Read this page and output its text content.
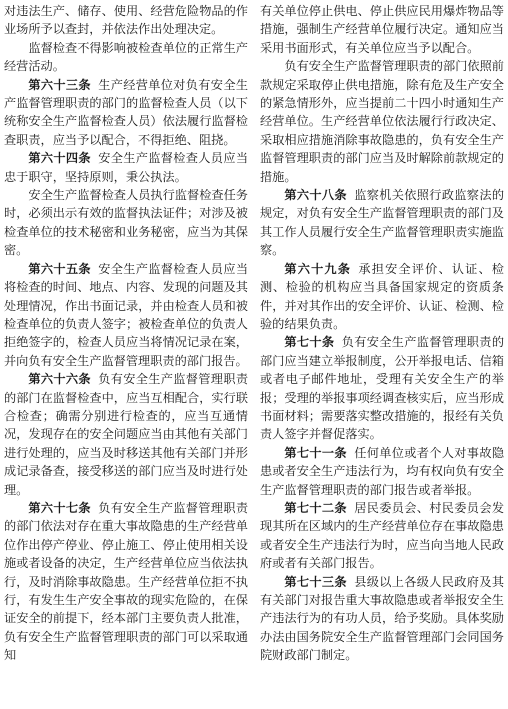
对违法生产、储存、使用、经营危险物品的作业场所予以查封，并依法作出处理决定。

监督检查不得影响被检查单位的正常生产经营活动。

第六十三条 生产经营单位对负有安全生产监督管理职责的部门的监督检查人员（以下统称安全生产监督检查人员）依法履行监督检查职责，应当予以配合，不得拒绝、阻挠。

第六十四条 安全生产监督检查人员应当忠于职守，坚持原则，秉公执法。

安全生产监督检查人员执行监督检查任务时，必须出示有效的监督执法证件；对涉及被检查单位的技术秘密和业务秘密，应当为其保密。

第六十五条 安全生产监督检查人员应当将检查的时间、地点、内容、发现的问题及其处理情况，作出书面记录，并由检查人员和被检查单位的负责人签字；被检查单位的负责人拒绝签字的，检查人员应当将情况记录在案，并向负有安全生产监督管理职责的部门报告。

第六十六条 负有安全生产监督管理职责的部门在监督检查中，应当互相配合，实行联合检查；确需分别进行检查的，应当互通情况，发现存在的安全问题应当由其他有关部门进行处理的，应当及时移送其他有关部门并形成记录备查，接受移送的部门应当及时进行处理。

第六十七条 负有安全生产监督管理职责的部门依法对存在重大事故隐患的生产经营单位作出停产停业、停止施工、停止使用相关设施或者设备的决定，生产经营单位应当依法执行，及时消除事故隐患。生产经营单位拒不执行，有发生生产安全事故的现实危险的，在保证安全的前提下，经本部门主要负责人批准，负有安全生产监督管理职责的部门可以采取通知

有关单位停止供电、停止供应民用爆炸物品等措施，强制生产经营单位履行决定。通知应当采用书面形式，有关单位应当予以配合。

负有安全生产监督管理职责的部门依照前款规定采取停止供电措施，除有危及生产安全的紧急情形外，应当提前二十四小时通知生产经营单位。生产经营单位依法履行行政决定、采取相应措施消除事故隐患的，负有安全生产监督管理职责的部门应当及时解除前款规定的措施。

第六十八条 监察机关依照行政监察法的规定，对负有安全生产监督管理职责的部门及其工作人员履行安全生产监督管理职责实施监察。

第六十九条 承担安全评价、认证、检测、检验的机构应当具备国家规定的资质条件，并对其作出的安全评价、认证、检测、检验的结果负责。

第七十条 负有安全生产监督管理职责的部门应当建立举报制度，公开举报电话、信箱或者电子邮件地址，受理有关安全生产的举报；受理的举报事项经调查核实后，应当形成书面材料；需要落实整改措施的，报经有关负责人签字并督促落实。

第七十一条 任何单位或者个人对事故隐患或者安全生产违法行为，均有权向负有安全生产监督管理职责的部门报告或者举报。

第七十二条 居民委员会、村民委员会发现其所在区域内的生产经营单位存在事故隐患或者安全生产违法行为时，应当向当地人民政府或者有关部门报告。

第七十三条 县级以上各级人民政府及其有关部门对报告重大事故隐患或者举报安全生产违法行为的有功人员，给予奖励。具体奖励办法由国务院安全生产监督管理部门会同国务院财政部门制定。
